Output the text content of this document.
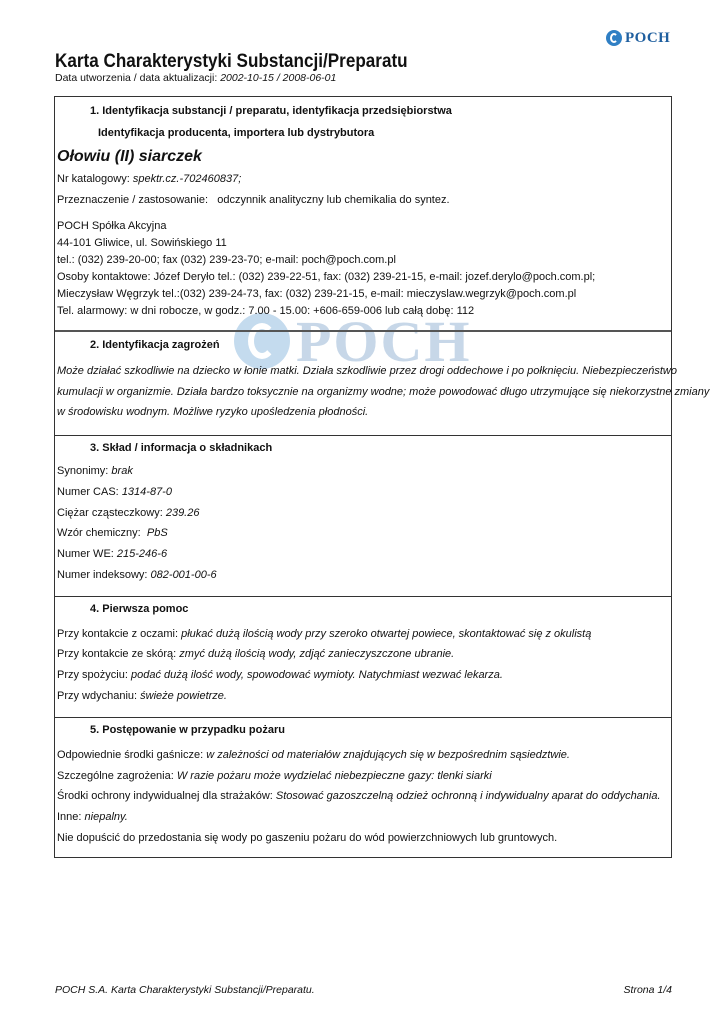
POCH
Karta Charakterystyki Substancji/Preparatu
Data utworzenia / data aktualizacji: 2002-10-15 / 2008-06-01
POCH
1. Identyfikacja substancji / preparatu, identyfikacja przedsiębiorstwa
Identyfikacja producenta, importera lub dystrybutora
Ołowiu (II) siarczek
Nr katalogowy: spektr.cz.-702460837;
Przeznaczenie / zastosowanie: odczynnik analityczny lub chemikalia do syntez.
POCH Spółka Akcyjna
44-101 Gliwice, ul. Sowińskiego 11
tel.: (032) 239-20-00; fax (032) 239-23-70; e-mail: poch@poch.com.pl
Osoby kontaktowe: Józef Deryło tel.: (032) 239-22-51, fax: (032) 239-21-15, e-mail: jozef.derylo@poch.com.pl;
Mieczysław Węgrzyk tel.:(032) 239-24-73, fax: (032) 239-21-15, e-mail: mieczyslaw.wegrzyk@poch.com.pl
Tel. alarmowy: w dni robocze, w godz.: 7.00 - 15.00: +606-659-006 lub całą dobę: 112
2. Identyfikacja zagrożeń
Może działać szkodliwie na dziecko w łonie matki. Działa szkodliwie przez drogi oddechowe i po połknięciu. Niebezpieczeństwo
kumulacji w organizmie. Działa bardzo toksycznie na organizmy wodne; może powodować długo utrzymujące się niekorzystne zmiany
w środowisku wodnym. Możliwe ryzyko upośledzenia płodności.
3. Skład / informacja o składnikach
Synonimy: brak
Numer CAS: 1314-87-0
Ciężar cząsteczkowy: 239.26
Wzór chemiczny: PbS
Numer WE: 215-246-6
Numer indeksowy: 082-001-00-6
4. Pierwsza pomoc
Przy kontakcie z oczami: płukać dużą ilością wody przy szeroko otwartej powiece, skontaktować się z okulistą
Przy kontakcie ze skórą: zmyć dużą ilością wody, zdjąć zanieczyszczone ubranie.
Przy spożyciu: podać dużą ilość wody, spowodować wymioty. Natychmiast wezwać lekarza.
Przy wdychaniu: świeże powietrze.
5. Postępowanie w przypadku pożaru
Odpowiednie środki gaśnicze: w zależności od materiałów znajdujących się w bezpośrednim sąsiedztwie.
Szczególne zagrożenia: W razie pożaru może wydzielać niebezpieczne gazy: tlenki siarki
Środki ochrony indywidualnej dla strażaków: Stosować gazoszczelną odzież ochronną i indywidualny aparat do oddychania.
Inne: niepalny.
Nie dopuścić do przedostania się wody po gaszeniu pożaru do wód powierzchniowych lub gruntowych.
POCH S.A. Karta Charakterystyki Substancji/Preparatu.	Strona 1/4
